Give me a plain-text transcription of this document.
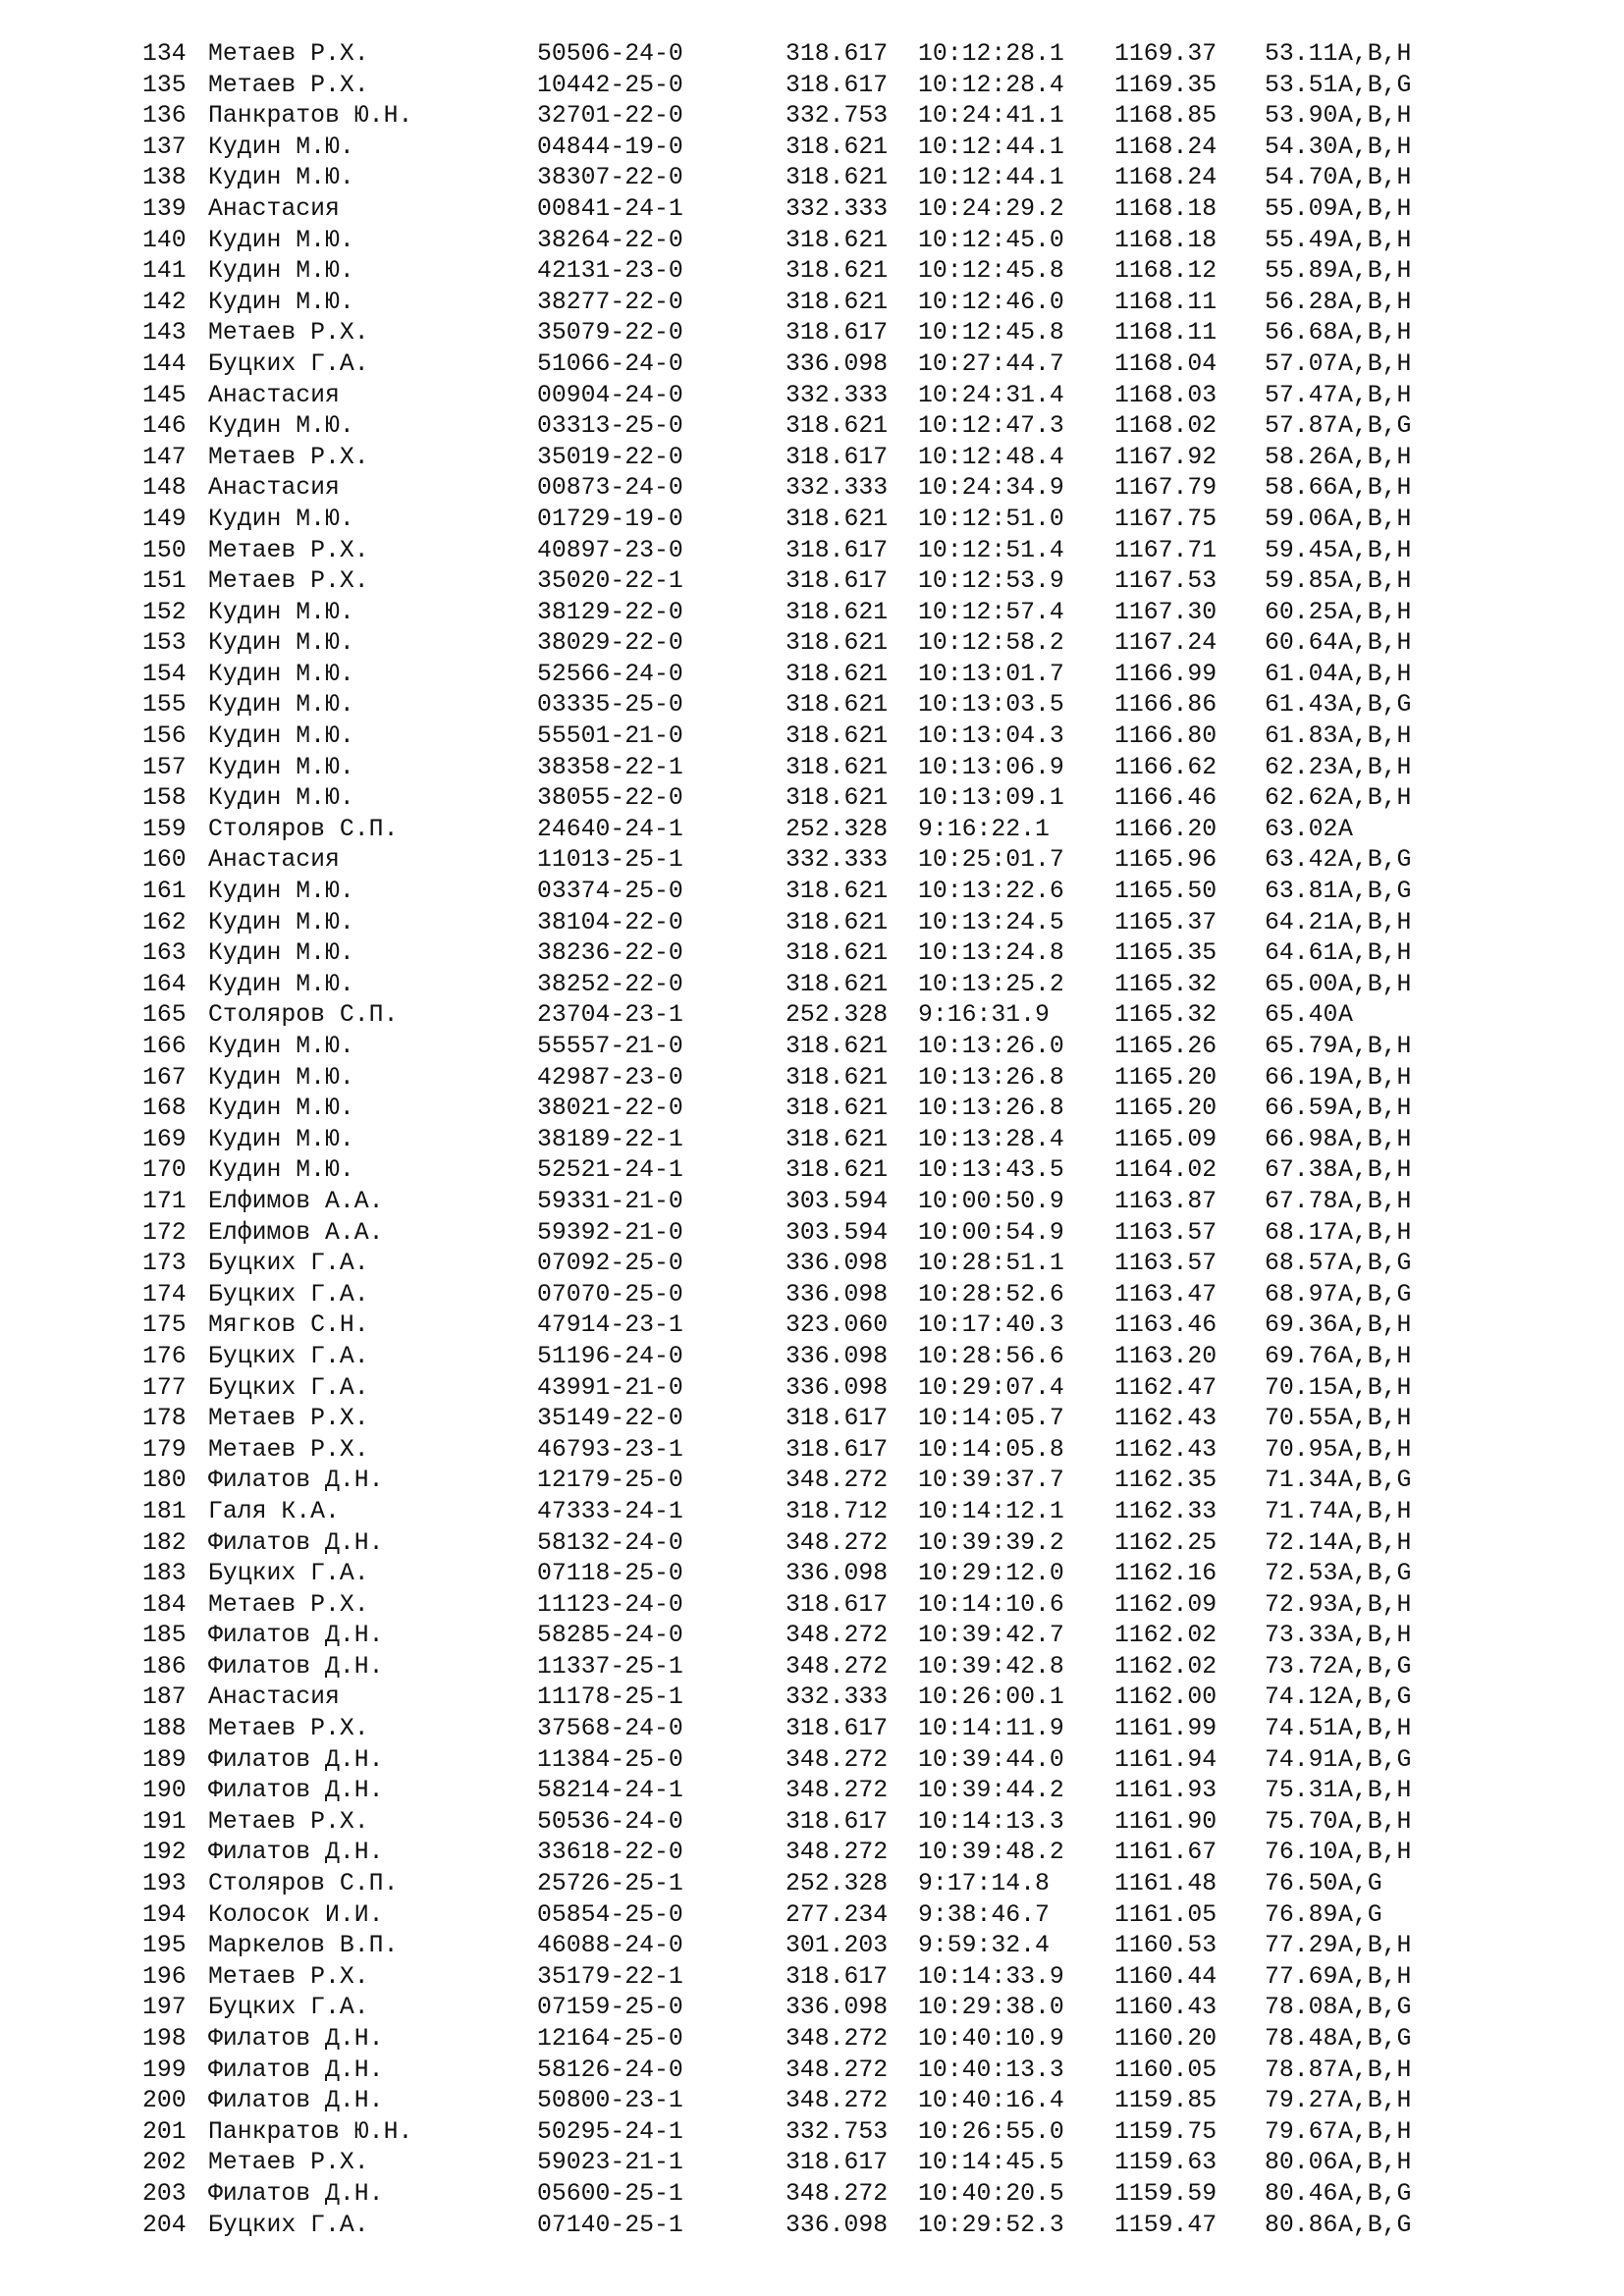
134 Метаев Р.Х.	50506-24-0	318.617 10:12:28.1 1169.37 53.11 A,B,H
135 Метаев Р.Х.	10442-25-0	318.617 10:12:28.4 1169.35 53.51 A,B,G
136 Панкратов Ю.Н.	32701-22-0	332.753 10:24:41.1 1168.85 53.90 A,B,H
137 Кудин М.Ю.	04844-19-0	318.621 10:12:44.1 1168.24 54.30 A,B,H
138 Кудин М.Ю.	38307-22-0	318.621 10:12:44.1 1168.24 54.70 A,B,H
139 Анастасия	00841-24-1	332.333 10:24:29.2 1168.18 55.09 A,B,H
140 Кудин М.Ю.	38264-22-0	318.621 10:12:45.0 1168.18 55.49 A,B,H
141 Кудин М.Ю.	42131-23-0	318.621 10:12:45.8 1168.12 55.89 A,B,H
142 Кудин М.Ю.	38277-22-0	318.621 10:12:46.0 1168.11 56.28 A,B,H
143 Метаев Р.Х.	35079-22-0	318.617 10:12:45.8 1168.11 56.68 A,B,H
144 Буцких Г.А.	51066-24-0	336.098 10:27:44.7 1168.04 57.07 A,B,H
145 Анастасия	00904-24-0	332.333 10:24:31.4 1168.03 57.47 A,B,H
146 Кудин М.Ю.	03313-25-0	318.621 10:12:47.3 1168.02 57.87 A,B,G
147 Метаев Р.Х.	35019-22-0	318.617 10:12:48.4 1167.92 58.26 A,B,H
148 Анастасия	00873-24-0	332.333 10:24:34.9 1167.79 58.66 A,B,H
149 Кудин М.Ю.	01729-19-0	318.621 10:12:51.0 1167.75 59.06 A,B,H
150 Метаев Р.Х.	40897-23-0	318.617 10:12:51.4 1167.71 59.45 A,B,H
151 Метаев Р.Х.	35020-22-1	318.617 10:12:53.9 1167.53 59.85 A,B,H
152 Кудин М.Ю.	38129-22-0	318.621 10:12:57.4 1167.30 60.25 A,B,H
153 Кудин М.Ю.	38029-22-0	318.621 10:12:58.2 1167.24 60.64 A,B,H
154 Кудин М.Ю.	52566-24-0	318.621 10:13:01.7 1166.99 61.04 A,B,H
155 Кудин М.Ю.	03335-25-0	318.621 10:13:03.5 1166.86 61.43 A,B,G
156 Кудин М.Ю.	55501-21-0	318.621 10:13:04.3 1166.80 61.83 A,B,H
157 Кудин М.Ю.	38358-22-1	318.621 10:13:06.9 1166.62 62.23 A,B,H
158 Кудин М.Ю.	38055-22-0	318.621 10:13:09.1 1166.46 62.62 A,B,H
159 Столяров С.П.	24640-24-1	252.328 9:16:22.1	1166.20 63.02 A
160 Анастасия	11013-25-1	332.333 10:25:01.7 1165.96 63.42 A,B,G
161 Кудин М.Ю.	03374-25-0	318.621 10:13:22.6 1165.50 63.81 A,B,G
162 Кудин М.Ю.	38104-22-0	318.621 10:13:24.5 1165.37 64.21 A,B,H
163 Кудин М.Ю.	38236-22-0	318.621 10:13:24.8 1165.35 64.61 A,B,H
164 Кудин М.Ю.	38252-22-0	318.621 10:13:25.2 1165.32 65.00 A,B,H
165 Столяров С.П.	23704-23-1	252.328 9:16:31.9	1165.32 65.40 A
166 Кудин М.Ю.	55557-21-0	318.621 10:13:26.0 1165.26 65.79 A,B,H
167 Кудин М.Ю.	42987-23-0	318.621 10:13:26.8 1165.20 66.19 A,B,H
168 Кудин М.Ю.	38021-22-0	318.621 10:13:26.8 1165.20 66.59 A,B,H
169 Кудин М.Ю.	38189-22-1	318.621 10:13:28.4 1165.09 66.98 A,B,H
170 Кудин М.Ю.	52521-24-1	318.621 10:13:43.5 1164.02 67.38 A,B,H
171 Елфимов А.А.	59331-21-0	303.594 10:00:50.9 1163.87 67.78 A,B,H
172 Елфимов А.А.	59392-21-0	303.594 10:00:54.9 1163.57 68.17 A,B,H
173 Буцких Г.А.	07092-25-0	336.098 10:28:51.1 1163.57 68.57 A,B,G
174 Буцких Г.А.	07070-25-0	336.098 10:28:52.6 1163.47 68.97 A,B,G
175 Мягков С.Н.	47914-23-1	323.060 10:17:40.3 1163.46 69.36 A,B,H
176 Буцких Г.А.	51196-24-0	336.098 10:28:56.6 1163.20 69.76 A,B,H
177 Буцких Г.А.	43991-21-0	336.098 10:29:07.4 1162.47 70.15 A,B,H
178 Метаев Р.Х.	35149-22-0	318.617 10:14:05.7 1162.43 70.55 A,B,H
179 Метаев Р.Х.	46793-23-1	318.617 10:14:05.8 1162.43 70.95 A,B,H
180 Филатов Д.Н.	12179-25-0	348.272 10:39:37.7 1162.35 71.34 A,B,G
181 Галя К.А.	47333-24-1	318.712 10:14:12.1 1162.33 71.74 A,B,H
182 Филатов Д.Н.	58132-24-0	348.272 10:39:39.2 1162.25 72.14 A,B,H
183 Буцких Г.А.	07118-25-0	336.098 10:29:12.0 1162.16 72.53 A,B,G
184 Метаев Р.Х.	11123-24-0	318.617 10:14:10.6 1162.09 72.93 A,B,H
185 Филатов Д.Н.	58285-24-0	348.272 10:39:42.7 1162.02 73.33 A,B,H
186 Филатов Д.Н.	11337-25-1	348.272 10:39:42.8 1162.02 73.72 A,B,G
187 Анастасия	11178-25-1	332.333 10:26:00.1 1162.00 74.12 A,B,G
188 Метаев Р.Х.	37568-24-0	318.617 10:14:11.9 1161.99 74.51 A,B,H
189 Филатов Д.Н.	11384-25-0	348.272 10:39:44.0 1161.94 74.91 A,B,G
190 Филатов Д.Н.	58214-24-1	348.272 10:39:44.2 1161.93 75.31 A,B,H
191 Метаев Р.Х.	50536-24-0	318.617 10:14:13.3 1161.90 75.70 A,B,H
192 Филатов Д.Н.	33618-22-0	348.272 10:39:48.2 1161.67 76.10 A,B,H
193 Столяров С.П.	25726-25-1	252.328 9:17:14.8	1161.48 76.50 A,G
194 Колосок И.И.	05854-25-0	277.234 9:38:46.7	1161.05 76.89 A,G
195 Маркелов В.П.	46088-24-0	301.203 9:59:32.4	1160.53 77.29 A,B,H
196 Метаев Р.Х.	35179-22-1	318.617 10:14:33.9 1160.44 77.69 A,B,H
197 Буцких Г.А.	07159-25-0	336.098 10:29:38.0 1160.43 78.08 A,B,G
198 Филатов Д.Н.	12164-25-0	348.272 10:40:10.9 1160.20 78.48 A,B,G
199 Филатов Д.Н.	58126-24-0	348.272 10:40:13.3 1160.05 78.87 A,B,H
200 Филатов Д.Н.	50800-23-1	348.272 10:40:16.4 1159.85 79.27 A,B,H
201 Панкратов Ю.Н.	50295-24-1	332.753 10:26:55.0 1159.75 79.67 A,B,H
202 Метаев Р.Х.	59023-21-1	318.617 10:14:45.5 1159.63 80.06 A,B,H
203 Филатов Д.Н.	05600-25-1	348.272 10:40:20.5 1159.59 80.46 A,B,G
204 Буцких Г.А.	07140-25-1	336.098 10:29:52.3 1159.47 80.86 A,B,G
